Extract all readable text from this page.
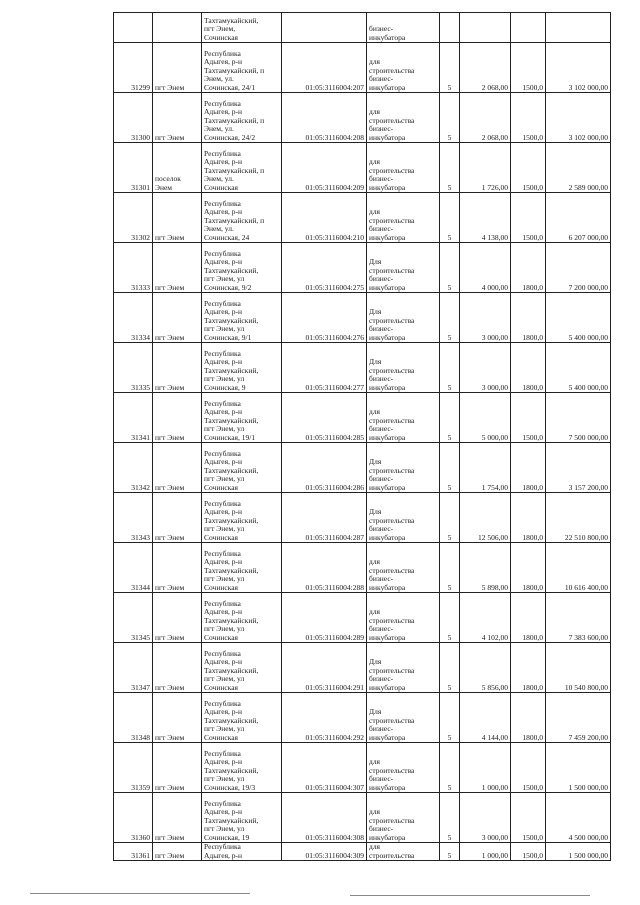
		Тахтамукайский,
пгт Энем,
Сочинская		бизнес-
инкубатора				
31299	пгт Энем	Республика
Адыгея, р-н
Тахтамукайский, п
Энем, ул.
Сочинская, 24/1	01:05:3116004:207	для
строительства
бизнес-
инкубатора	5	2 068,00	1500,0	3 102 000,00
31300	пгт Энем	Республика
Адыгея, р-н
Тахтамукайский, п
Энем, ул.
Сочинская, 24/2	01:05:3116004:208	для
строительства
бизнес-
инкубатора	5	2 068,00	1500,0	3 102 000,00
31301	поселок
Энем	Республика
Адыгея, р-н
Тахтамукайский, п
Энем, ул.
Сочинская	01:05:3116004:209	для
строительства
бизнес-
инкубатора	5	1 726,00	1500,0	2 589 000,00
31302	пгт Энем	Республика
Адыгея, р-н
Тахтамукайский, п
Энем, ул.
Сочинская, 24	01:05:3116004:210	для
строительства
бизнес-
инкубатора	5	4 138,00	1500,0	6 207 000,00
31333	пгт Энем	Республика
Адыгея, р-н
Тахтамукайский,
пгт Энем, ул
Сочинская, 9/2	01:05:3116004:275	Для
строительства
бизнес-
инкубатора	5	4 000,00	1800,0	7 200 000,00
31334	пгт Энем	Республика
Адыгея, р-н
Тахтамукайский,
пгт Энем, ул
Сочинская, 9/1	01:05:3116004:276	Для
строительства
бизнес-
инкубатора	5	3 000,00	1800,0	5 400 000,00
31335	пгт Энем	Республика
Адыгея, р-н
Тахтамукайский,
пгт Энем, ул
Сочинская, 9	01:05:3116004:277	Для
строительства
бизнес-
инкубатора	5	3 000,00	1800,0	5 400 000,00
31341	пгт Энем	Республика
Адыгея, р-н
Тахтамукайский,
пгт Энем, ул
Сочинская, 19/1	01:05:3116004:285	для
строительства
бизнес-
инкубатора	5	5 000,00	1500,0	7 500 000,00
31342	пгт Энем	Республика
Адыгея, р-н
Тахтамукайский,
пгт Энем, ул
Сочинская	01:05:3116004:286	Для
строительства
бизнес-
инкубатора	5	1 754,00	1800,0	3 157 200,00
31343	пгт Энем	Республика
Адыгея, р-н
Тахтамукайский,
пгт Энем, ул
Сочинская	01:05:3116004:287	Для
строительства
бизнес-
инкубатора	5	12 506,00	1800,0	22 510 800,00
31344	пгт Энем	Республика
Адыгея, р-н
Тахтамукайский,
пгт Энем, ул
Сочинская	01:05:3116004:288	для
строительства
бизнес-
инкубатора	5	5 898,00	1800,0	10 616 400,00
31345	пгт Энем	Республика
Адыгея, р-н
Тахтамукайский,
пгт Энем, ул
Сочинская	01:05:3116004:289	для
строительства
бизнес-
инкубатора	5	4 102,00	1800,0	7 383 600,00
31347	пгт Энем	Республика
Адыгея, р-н
Тахтамукайский,
пгт Энем, ул
Сочинская	01:05:3116004:291	Для
строительства
бизнес-
инкубатора	5	5 856,00	1800,0	10 540 800,00
31348	пгт Энем	Республика
Адыгея, р-н
Тахтамукайский,
пгт Энем, ул
Сочинская	01:05:3116004:292	Для
строительства
бизнес-
инкубатора	5	4 144,00	1800,0	7 459 200,00
31359	пгт Энем	Республика
Адыгея, р-н
Тахтамукайский,
пгт Энем, ул
Сочинская, 19/3	01:05:3116004:307	для
строительства
бизнес-
инкубатора	5	1 000,00	1500,0	1 500 000,00
31360	пгт Энем	Республика
Адыгея, р-н
Тахтамукайский,
пгт Энем, ул
Сочинская, 19	01:05:3116004:308	для
строительства
бизнес-
инкубатора	5	3 000,00	1500,0	4 500 000,00
31361	пгт Энем	Республика
Адыгея, р-н	01:05:3116004:309	для
строительства	5	1 000,00	1500,0	1 500 000,00
